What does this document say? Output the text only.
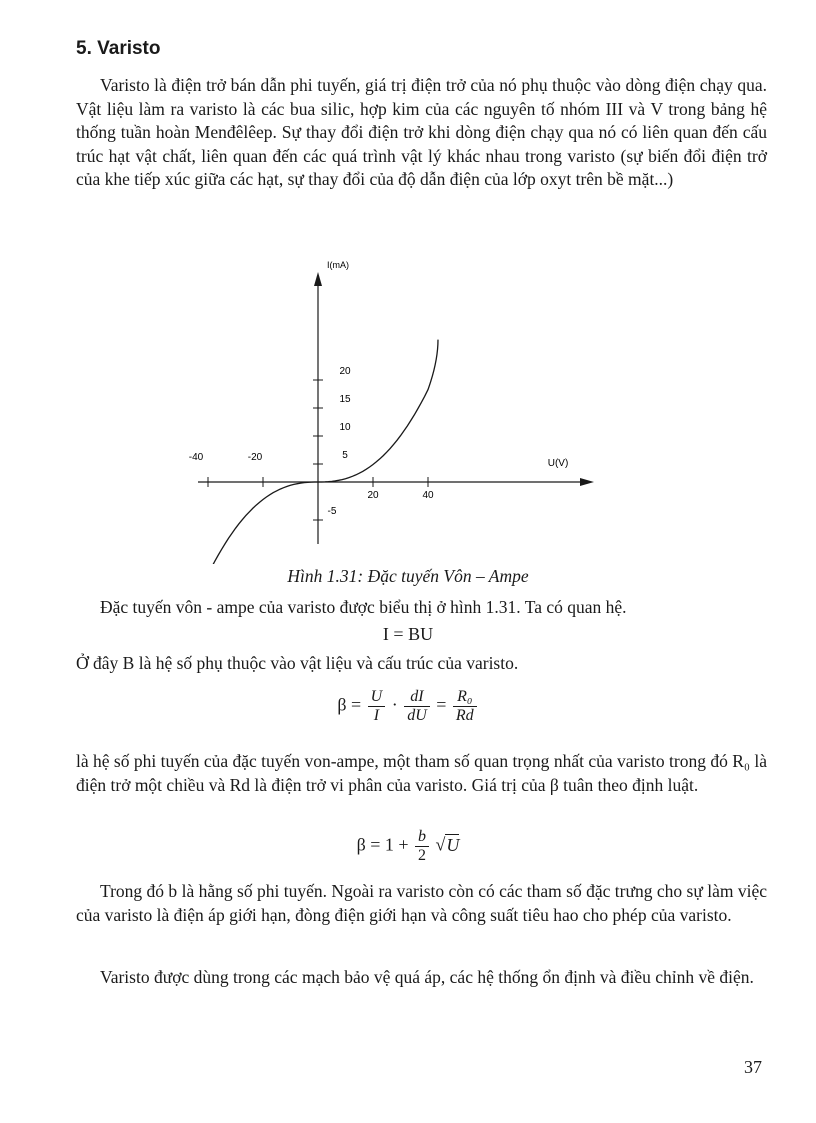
5. Varisto

Varisto là điện trở bán dẫn phi tuyến, giá trị điện trở của nó phụ thuộc vào dòng điện chạy qua. Vật liệu làm ra varisto là các bua silic, hợp kim của các nguyên tố nhóm III và V trong bảng hệ thống tuần hoàn Menđêlêep. Sự thay đổi điện trở khi dòng điện chạy qua nó có liên quan đến cấu trúc hạt vật chất, liên quan đến các quá trình vật lý khác nhau trong varisto (sự biến đổi điện trở của khe tiếp xúc giữa các hạt, sự thay đổi của độ dẫn điện của lớp oxyt trên bề mặt...)

-40	-20
20	40
20
15
10
5
-5
U(V)
I(mA)
Hình 1.31: Đặc tuyến Vôn – Ampe

Đặc tuyến vôn - ampe của varisto được biểu thị ở hình 1.31. Ta có quan hệ.

I = BU

Ở đây B là hệ số phụ thuộc vào vật liệu và cấu trúc của varisto.

$\beta = \frac{U}{I} \cdot \frac{dI}{dU} = \frac{\text{R₀}}{Rd}$

là hệ số phi tuyến của đặc tuyến von-ampe, một tham số quan trọng nhất của varisto trong đó R₀ là điện trở một chiều và Rd là điện trở vi phân của varisto. Giá trị của β tuân theo định luật.

$\beta = 1 + \frac{b}{2} √U$

Trong đó b là hằng số phi tuyến. Ngoài ra varisto còn có các tham số đặc trưng cho sự làm việc của varisto là điện áp giới hạn, đòng điện giới hạn và công suất tiêu hao cho phép của varisto.

Varisto được dùng trong các mạch bảo vệ quá áp, các hệ thống ổn định và điều chỉnh về điện.

37
